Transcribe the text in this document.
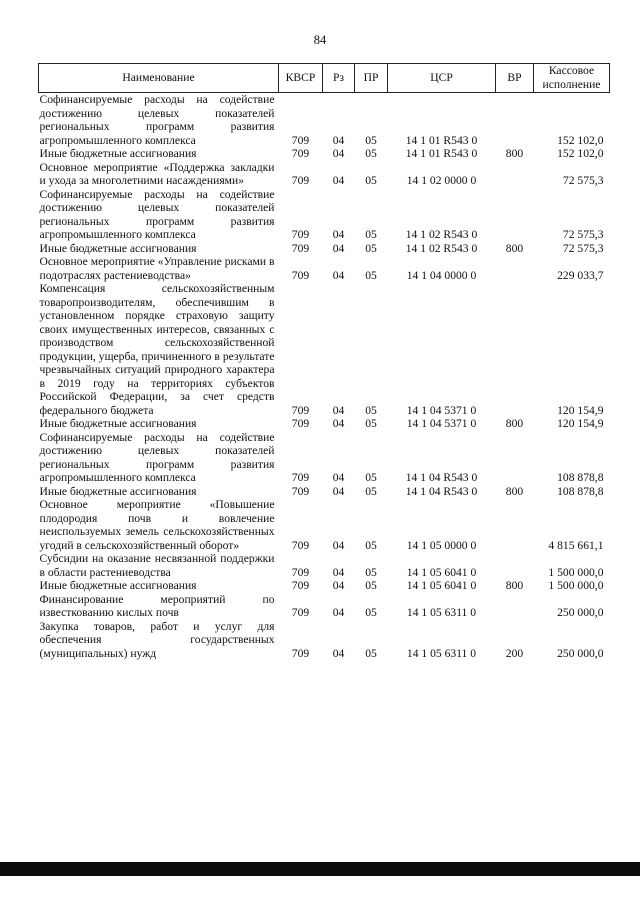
84
Наименование	КВСР	Рз	ПР	ЦСР	ВР	Кассовое исполнение
Софинансируемые расходы на содействие достижению целевых показателей региональных программ развития агропромышленного комплекса	709	04	05	14 1 01 R543 0		152 102,0
Иные бюджетные ассигнования	709	04	05	14 1 01 R543 0	800	152 102,0
Основное мероприятие «Поддержка закладки и ухода за многолетними насаждениями»	709	04	05	14 1 02 0000 0		72 575,3
Софинансируемые расходы на содействие достижению целевых показателей региональных программ развития агропромышленного комплекса	709	04	05	14 1 02 R543 0		72 575,3
Иные бюджетные ассигнования	709	04	05	14 1 02 R543 0	800	72 575,3
Основное мероприятие «Управление рисками в подотраслях растениеводства»	709	04	05	14 1 04 0000 0		229 033,7
Компенсация сельскохозяйственным товаропроизводителям, обеспечившим в установленном порядке страховую защиту своих имущественных интересов, связанных с производством сельскохозяйственной продукции, ущерба, причиненного в результате чрезвычайных ситуаций природного характера в 2019 году на территориях субъектов Российской Федерации, за счет средств федерального бюджета	709	04	05	14 1 04 5371 0		120 154,9
Иные бюджетные ассигнования	709	04	05	14 1 04 5371 0	800	120 154,9
Софинансируемые расходы на содействие достижению целевых показателей региональных программ развития агропромышленного комплекса	709	04	05	14 1 04 R543 0		108 878,8
Иные бюджетные ассигнования	709	04	05	14 1 04 R543 0	800	108 878,8
Основное мероприятие «Повышение плодородия почв и вовлечение неиспользуемых земель сельскохозяйственных угодий в сельскохозяйственный оборот»	709	04	05	14 1 05 0000 0		4 815 661,1
Субсидии на оказание несвязанной поддержки в области растениеводства	709	04	05	14 1 05 6041 0		1 500 000,0
Иные бюджетные ассигнования	709	04	05	14 1 05 6041 0	800	1 500 000,0
Финансирование мероприятий по известкованию кислых почв	709	04	05	14 1 05 6311 0		250 000,0
Закупка товаров, работ и услуг для обеспечения государственных (муниципальных) нужд	709	04	05	14 1 05 6311 0	200	250 000,0
